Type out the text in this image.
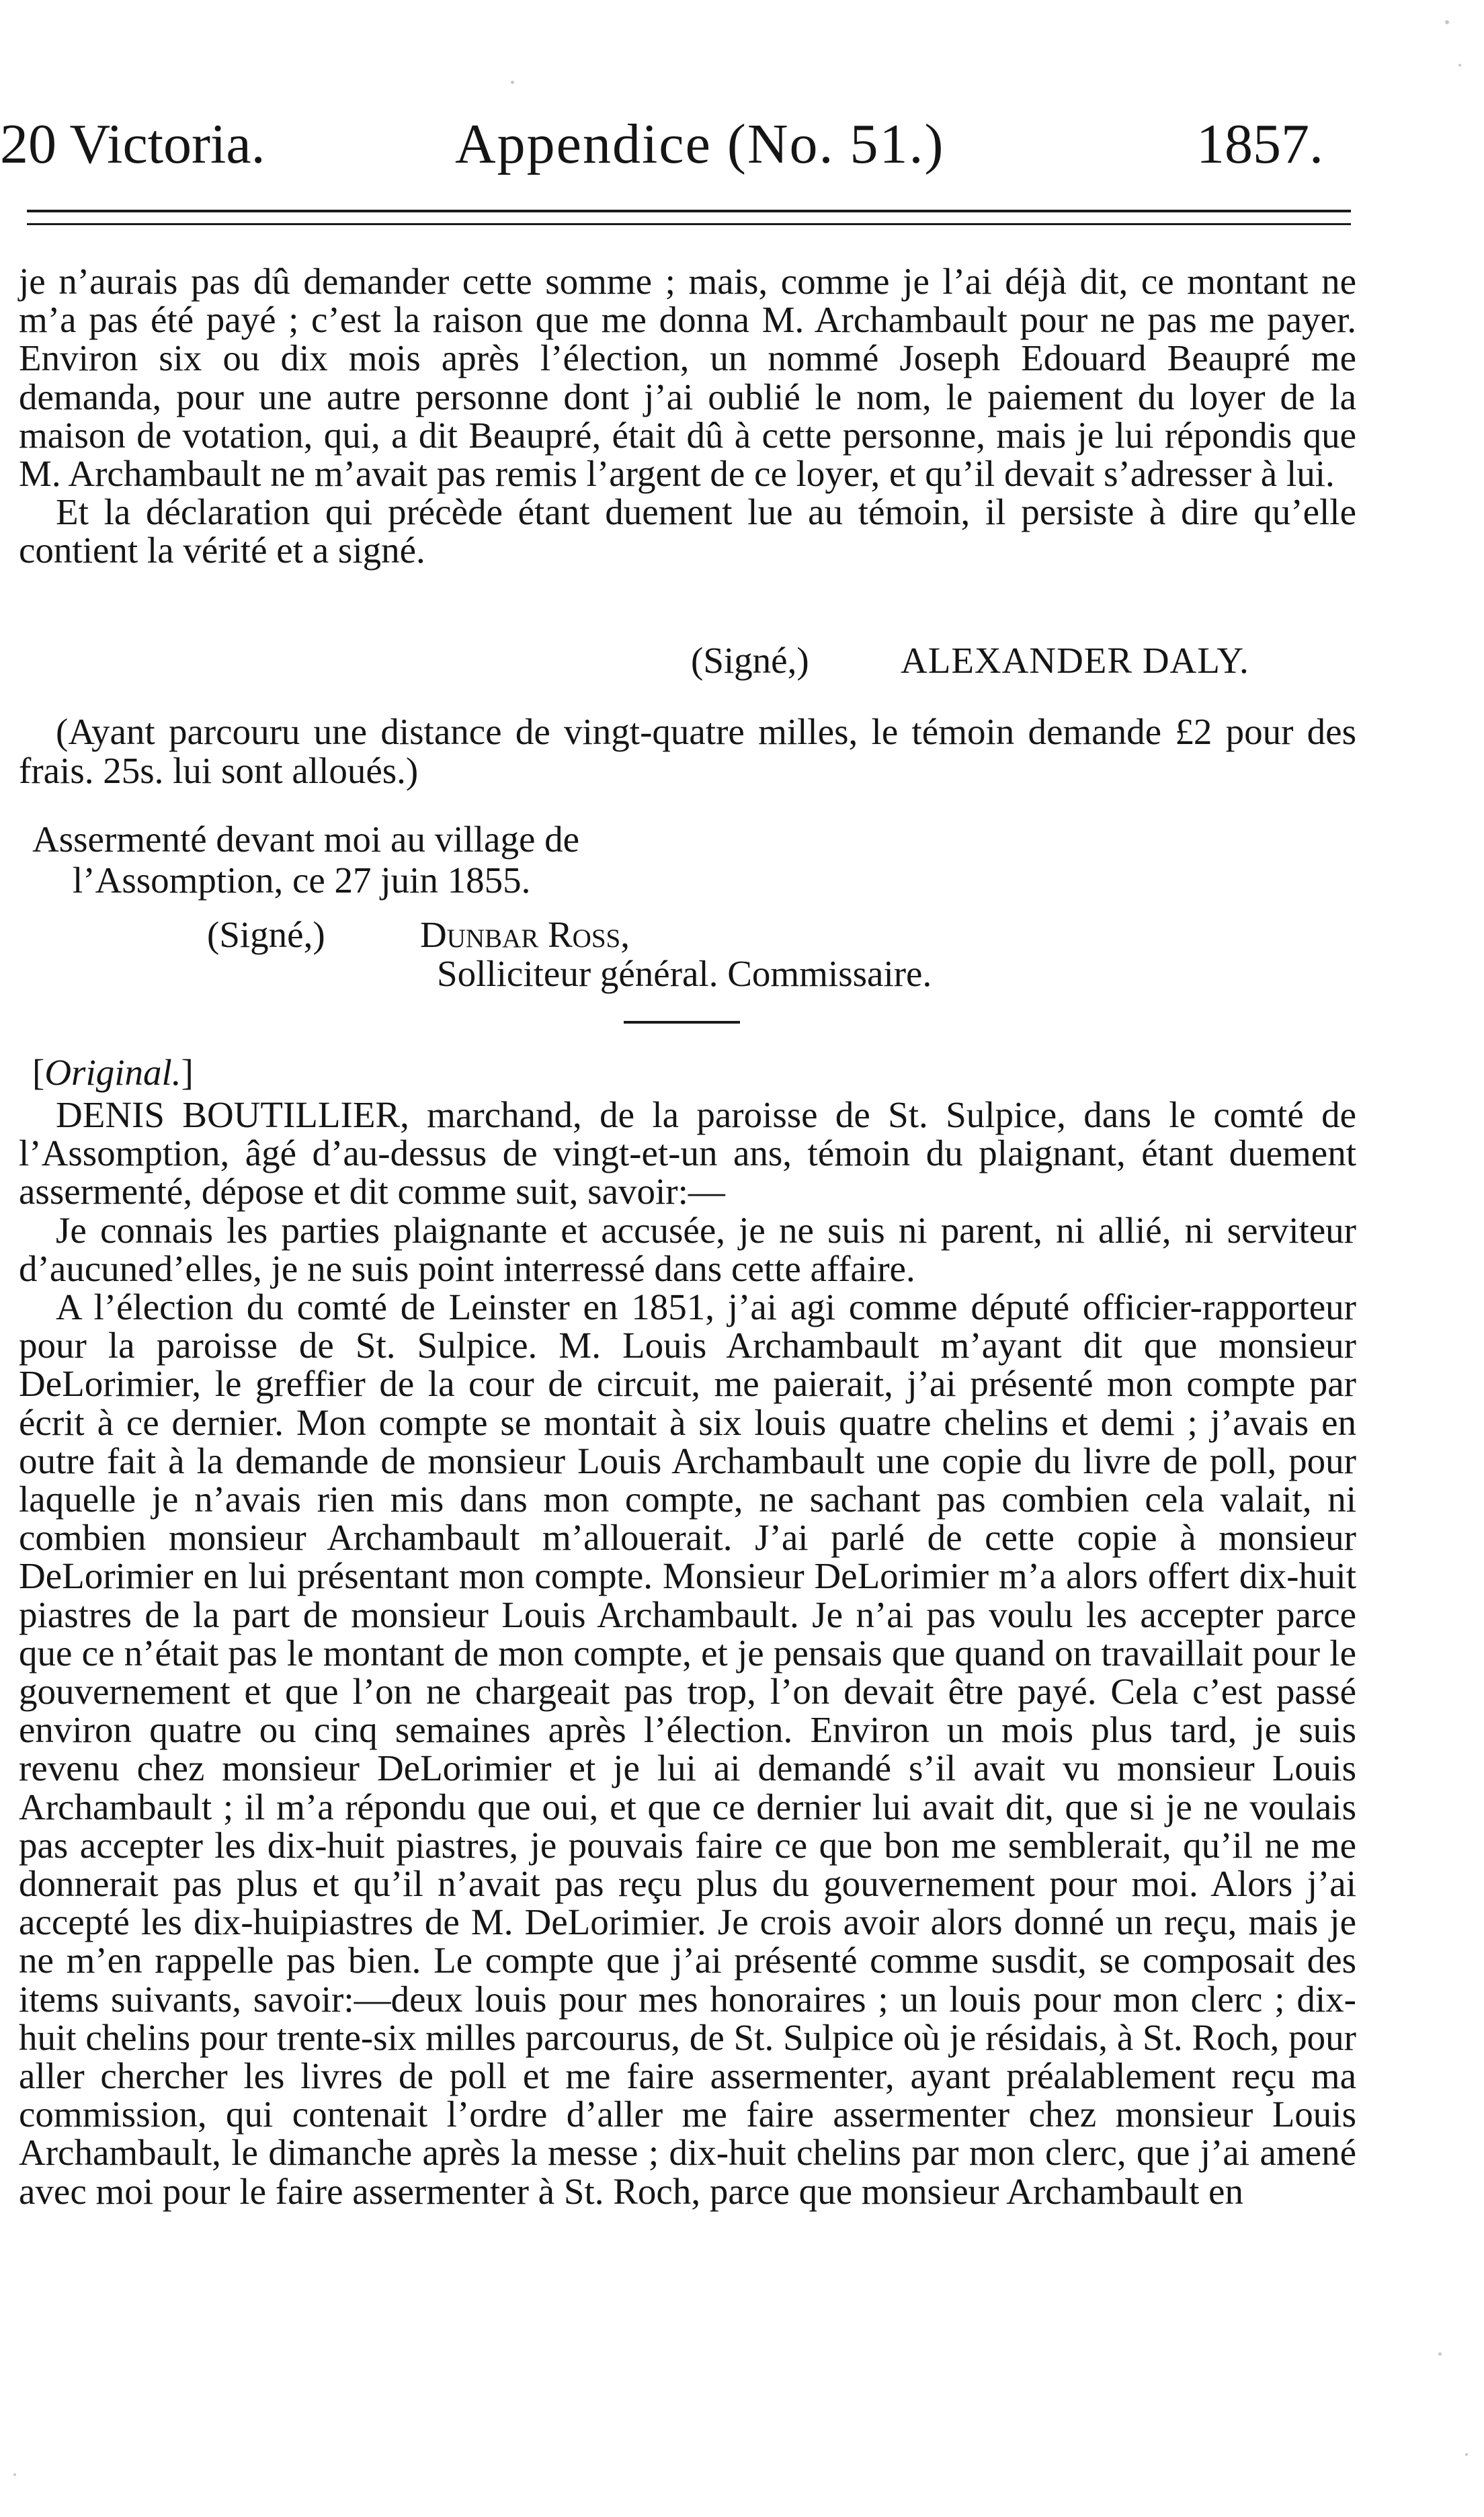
20 Victoria.	Appendice (No. 51.)	1857.

je n’aurais pas dû demander cette somme ; mais, comme je l’ai déjà dit, ce montant ne m’a pas été payé ; c’est la raison que me donna M. Archambault pour ne pas me payer. Environ six ou dix mois après l’élection, un nommé Joseph Edouard Beaupré me demanda, pour une autre personne dont j’ai oublié le nom, le paiement du loyer de la maison de votation, qui, a dit Beaupré, était dû à cette personne, mais je lui répondis que M. Archambault ne m’avait pas remis l’argent de ce loyer, et qu’il devait s’adresser à lui.

Et la déclaration qui précède étant duement lue au témoin, il persiste à dire qu’elle contient la vérité et a signé.

(Signé,) ALEXANDER DALY.

(Ayant parcouru une distance de vingt-quatre milles, le témoin demande £2 pour des frais. 25s. lui sont alloués.)

Assermenté devant moi au village de
l’Assomption, ce 27 juin 1855.
(Signé,)	Dunbar Ross,
Solliciteur général. Commissaire.
[Original.]

DENIS BOUTILLIER, marchand, de la paroisse de St. Sulpice, dans le comté de l’Assomption, âgé d’au-dessus de vingt-et-un ans, témoin du plaignant, étant duement assermenté, dépose et dit comme suit, savoir:—

Je connais les parties plaignante et accusée, je ne suis ni parent, ni allié, ni serviteur d’aucuned’elles, je ne suis point interressé dans cette affaire.

A l’élection du comté de Leinster en 1851, j’ai agi comme député officier-rapporteur pour la paroisse de St. Sulpice. M. Louis Archambault m’ayant dit que monsieur DeLorimier, le greffier de la cour de circuit, me paierait, j’ai présenté mon compte par écrit à ce dernier. Mon compte se montait à six louis quatre chelins et demi ; j’avais en outre fait à la demande de monsieur Louis Archambault une copie du livre de poll, pour laquelle je n’avais rien mis dans mon compte, ne sachant pas combien cela valait, ni combien monsieur Archambault m’allouerait. J’ai parlé de cette copie à monsieur DeLorimier en lui présentant mon compte. Monsieur DeLorimier m’a alors offert dix-huit piastres de la part de monsieur Louis Archambault. Je n’ai pas voulu les accepter parce que ce n’était pas le montant de mon compte, et je pensais que quand on travaillait pour le gouvernement et que l’on ne chargeait pas trop, l’on devait être payé. Cela c’est passé environ quatre ou cinq semaines après l’élection. Environ un mois plus tard, je suis revenu chez monsieur DeLorimier et je lui ai demandé s’il avait vu monsieur Louis Archambault ; il m’a répondu que oui, et que ce dernier lui avait dit, que si je ne voulais pas accepter les dix-huit piastres, je pouvais faire ce que bon me semblerait, qu’il ne me donnerait pas plus et qu’il n’avait pas reçu plus du gouvernement pour moi. Alors j’ai accepté les dix-huipiastres de M. DeLorimier. Je crois avoir alors donné un reçu, mais je ne m’en rappelle pas bien. Le compte que j’ai présenté comme susdit, se composait des items suivants, savoir:—deux louis pour mes honoraires ; un louis pour mon clerc ; dix-huit chelins pour trente-six milles parcourus, de St. Sulpice où je résidais, à St. Roch, pour aller chercher les livres de poll et me faire assermenter, ayant préalablement reçu ma commission, qui contenait l’ordre d’aller me faire assermenter chez monsieur Louis Archambault, le dimanche après la messe ; dix-huit chelins par mon clerc, que j’ai amené avec moi pour le faire assermenter à St. Roch, parce que monsieur Archambault en
